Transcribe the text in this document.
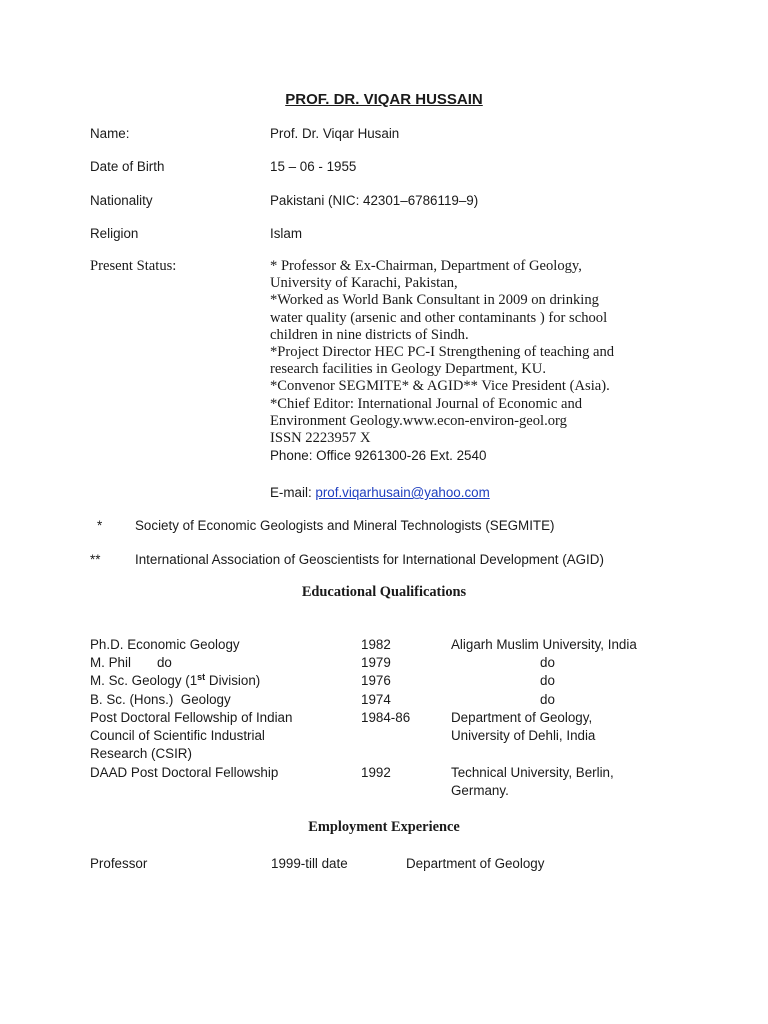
PROF. DR. VIQAR HUSSAIN
Name:	Prof. Dr. Viqar Husain
Date of Birth	15 – 06 - 1955
Nationality	Pakistani (NIC: 42301–6786119–9)
Religion	Islam
Present Status:	* Professor & Ex-Chairman, Department of Geology,
University of Karachi, Pakistan,
*Worked as World Bank Consultant in 2009 on drinking
water quality (arsenic and other contaminants ) for school
children in nine districts of Sindh.
*Project Director HEC PC-I Strengthening of teaching and
research facilities in Geology Department, KU.
*Convenor SEGMITE* & AGID** Vice President (Asia).
*Chief Editor: International Journal of Economic and
Environment Geology.www.econ-environ-geol.org
ISSN 2223957 X
Phone: Office 9261300-26 Ext. 2540
E-mail: prof.viqarhusain@yahoo.com
* Society of Economic Geologists and Mineral Technologists (SEGMITE)
**	International Association of Geoscientists for International Development (AGID)
Educational Qualifications
Ph.D. Economic Geology	1982	Aligarh Muslim University, India
M. Phil       do	1979	do
M. Sc. Geology (1st Division)	1976	do
B. Sc. (Hons.)  Geology	1974	do
Post Doctoral Fellowship of Indian
Council of Scientific Industrial
Research (CSIR)
1984-86	Department of Geology,
University of Dehli, India
DAAD Post Doctoral Fellowship	1992	Technical University, Berlin,
Germany.
Employment Experience
Professor	1999-till date	Department of Geology
